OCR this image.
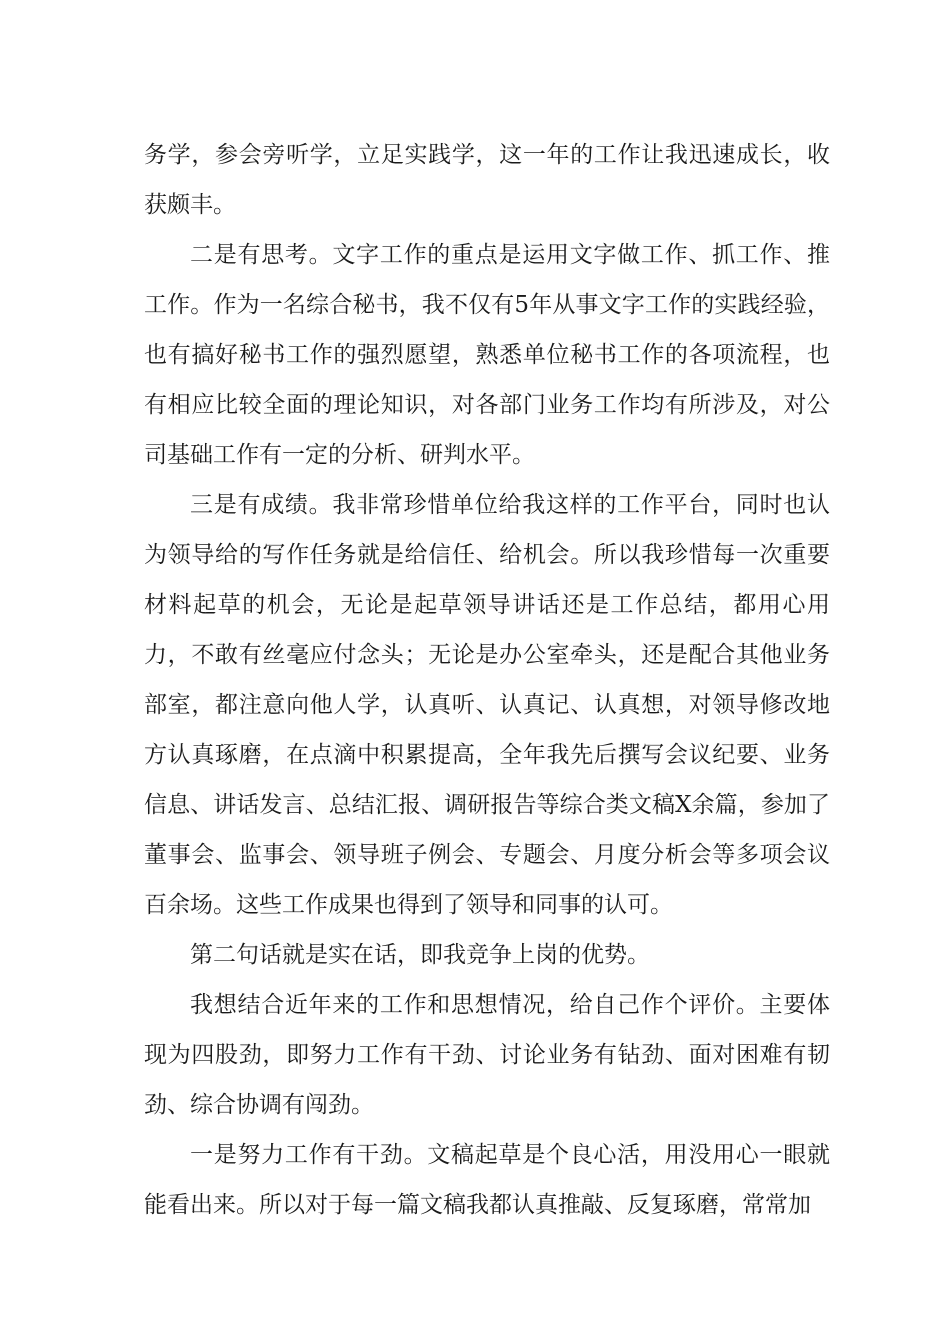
务学，参会旁听学，立足实践学，这一年的工作让我迅速成长，收获颇丰。

二是有思考。文字工作的重点是运用文字做工作、抓工作、推工作。作为一名综合秘书，我不仅有5年从事文字工作的实践经验，也有搞好秘书工作的强烈愿望，熟悉单位秘书工作的各项流程，也有相应比较全面的理论知识，对各部门业务工作均有所涉及，对公司基础工作有一定的分析、研判水平。

三是有成绩。我非常珍惜单位给我这样的工作平台，同时也认为领导给的写作任务就是给信任、给机会。所以我珍惜每一次重要材料起草的机会，无论是起草领导讲话还是工作总结，都用心用力，不敢有丝毫应付念头；无论是办公室牵头，还是配合其他业务部室，都注意向他人学，认真听、认真记、认真想，对领导修改地方认真琢磨，在点滴中积累提高，全年我先后撰写会议纪要、业务信息、讲话发言、总结汇报、调研报告等综合类文稿X余篇，参加了董事会、监事会、领导班子例会、专题会、月度分析会等多项会议百余场。这些工作成果也得到了领导和同事的认可。

第二句话就是实在话，即我竞争上岗的优势。

我想结合近年来的工作和思想情况，给自己作个评价。主要体现为四股劲，即努力工作有干劲、讨论业务有钻劲、面对困难有韧劲、综合协调有闯劲。

一是努力工作有干劲。文稿起草是个良心活，用没用心一眼就能看出来。所以对于每一篇文稿我都认真推敲、反复琢磨，常常加
